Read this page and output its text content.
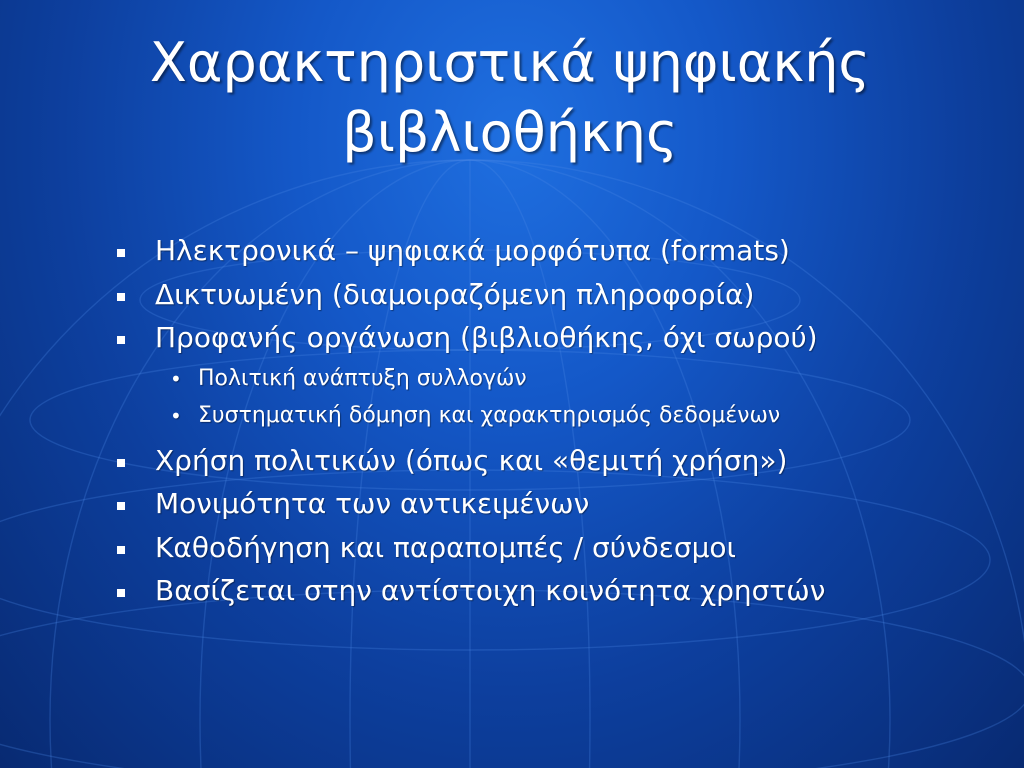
Χαρακτηριστικά ψηφιακής
βιβλιοθήκης
Ηλεκτρονικά – ψηφιακά μορφότυπα (formats)
Δικτυωμένη (διαμοιραζόμενη πληροφορία)
Προφανής οργάνωση (βιβλιοθήκης, όχι σωρού)
• Πολιτική ανάπτυξη συλλογών
• Συστηματική δόμηση και χαρακτηρισμός δεδομένων
Χρήση πολιτικών (όπως και «θεμιτή χρήση»)
Μονιμότητα των αντικειμένων
Καθοδήγηση και παραπομπές / σύνδεσμοι
Βασίζεται στην αντίστοιχη κοινότητα χρηστών
